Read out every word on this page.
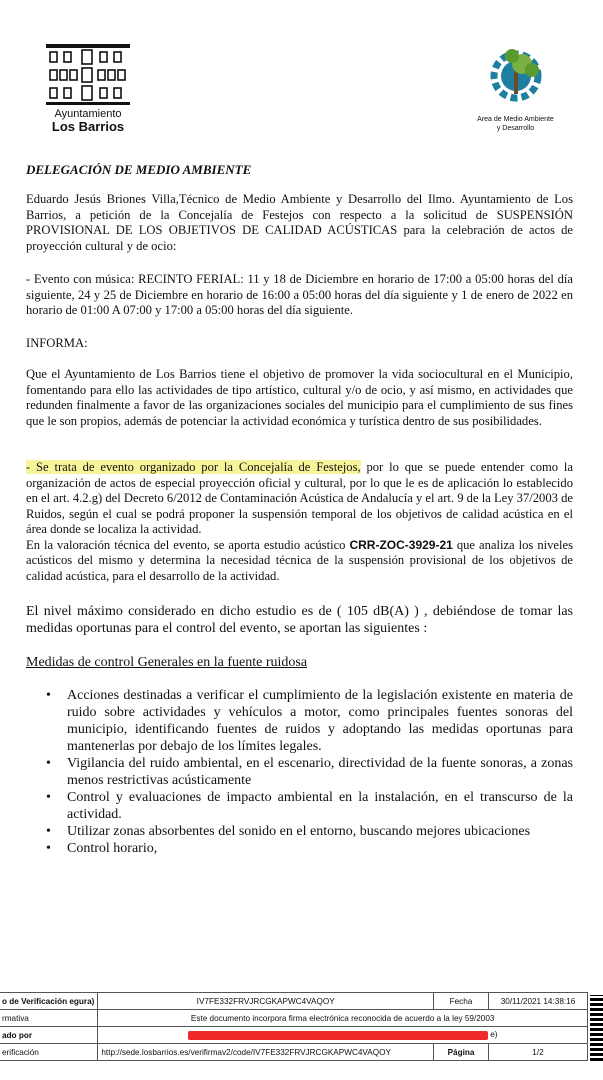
Ayuntamiento
Los Barrios	Area de Medio Ambiente
y Desarrollo
DELEGACIÓN DE MEDIO AMBIENTE
Eduardo Jesús Briones Villa,Técnico de Medio Ambiente y Desarrollo del Ilmo. Ayuntamiento de Los Barrios, a petición de la Concejalía de Festejos con respecto a la solicitud de SUSPENSIÓN PROVISIONAL DE LOS OBJETIVOS DE CALIDAD ACÚSTICAS para la celebración de actos de proyección cultural y de ocio:
- Evento con música: RECINTO FERIAL: 11 y 18 de Diciembre en horario de 17:00 a 05:00 horas del día siguiente, 24 y 25 de Diciembre en horario de 16:00 a 05:00 horas del día siguiente y 1 de enero de 2022 en horario de 01:00 A 07:00 y 17:00 a 05:00 horas del día siguiente.
INFORMA:
Que el Ayuntamiento de Los Barrios tiene el objetivo de promover la vida sociocultural en el Municipio, fomentando para ello las actividades de tipo artístico, cultural y/o de ocio, y así mismo, en actividades que redunden finalmente a favor de las organizaciones sociales del municipio para el cumplimiento de sus fines que le son propios, además de potenciar la actividad económica y turística dentro de sus posibilidades.
- Se trata de evento organizado por la Concejalía de Festejos, por lo que se puede entender como la organización de actos de especial proyección oficial y cultural, por lo que le es de aplicación lo establecido en el art. 4.2.g) del Decreto 6/2012 de Contaminación Acústica de Andalucía y el art. 9 de la Ley 37/2003 de Ruidos, según el cual se podrá proponer la suspensión temporal de los objetivos de calidad acústica en el área donde se localiza la actividad.
En la valoración técnica del evento, se aporta estudio acústico CRR-ZOC-3929-21 que analiza los niveles acústicos del mismo y determina la necesidad técnica de la suspensión provisional de los objetivos de calidad acústica, para el desarrollo de la actividad.
El nivel máximo considerado en dicho estudio es de ( 105 dB(A) ) , debiéndose de tomar las medidas oportunas para el control del evento, se aportan las siguientes :
Medidas de control Generales en la fuente ruidosa
• Acciones destinadas a verificar el cumplimiento de la legislación existente en materia de ruido sobre actividades y vehículos a motor, como principales fuentes sonoras del municipio, identificando fuentes de ruidos y adoptando las medidas oportunas para mantenerlas por debajo de los límites legales.
• Vigilancia del ruido ambiental, en el escenario, directividad de la fuente sonoras, a zonas menos restrictivas acústicamente
• Control y evaluaciones de impacto ambiental en la instalación, en el transcurso de la actividad.
• Utilizar zonas absorbentes del sonido en el entorno, buscando mejores ubicaciones
• Control horario,
o de Verificación egura)	IV7FE332FRVJRCGKAPWC4VAQOY	Fecha	30/11/2021 14:38:16
rmativa	Este documento incorpora firma electrónica reconocida de acuerdo a la ley 59/2003		
ado por	e)		
erificación	http://sede.losbarrios.es/verifirmav2/code/IV7FE332FRVJRCGKAPWC4VAQOY	Página	1/2
